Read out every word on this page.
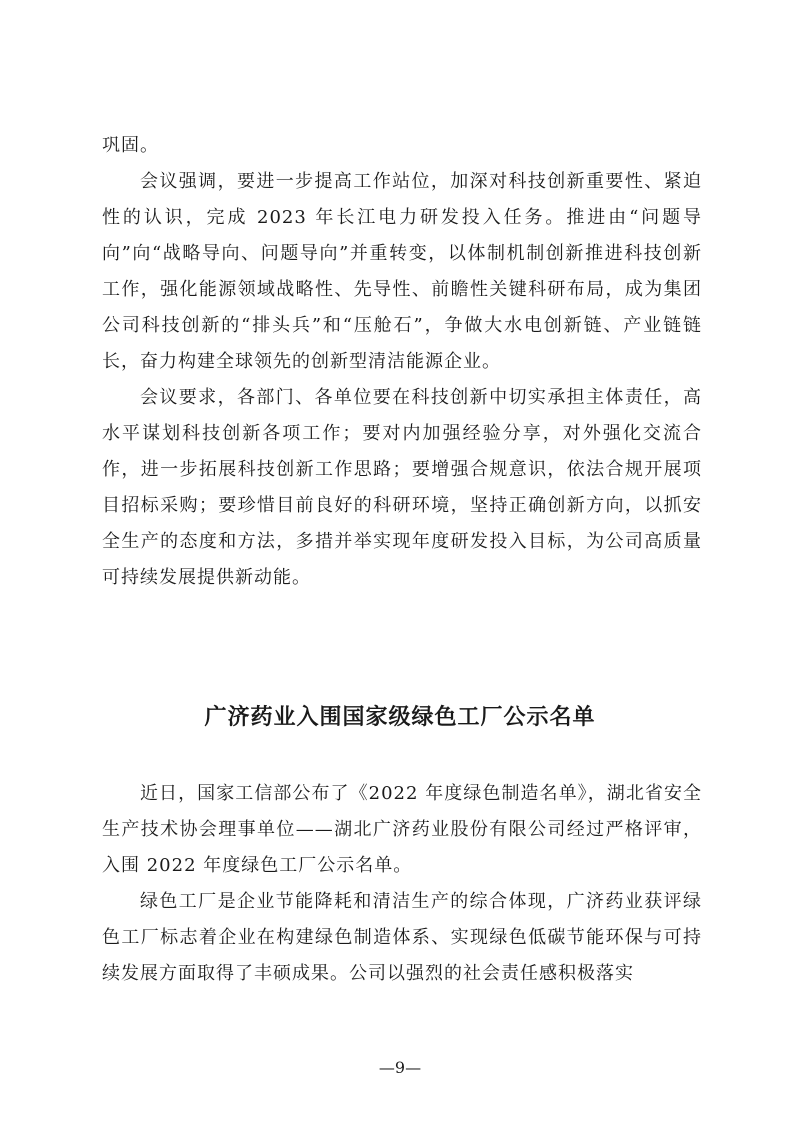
巩固。

会议强调，要进一步提高工作站位，加深对科技创新重要性、紧迫性的认识，完成 2023 年长江电力研发投入任务。推进由“问题导向”向“战略导向、问题导向”并重转变，以体制机制创新推进科技创新工作，强化能源领域战略性、先导性、前瞻性关键科研布局，成为集团公司科技创新的“排头兵”和“压舱石”，争做大水电创新链、产业链链长，奋力构建全球领先的创新型清洁能源企业。

会议要求，各部门、各单位要在科技创新中切实承担主体责任，高水平谋划科技创新各项工作；要对内加强经验分享，对外强化交流合作，进一步拓展科技创新工作思路；要增强合规意识，依法合规开展项目招标采购；要珍惜目前良好的科研环境，坚持正确创新方向，以抓安全生产的态度和方法，多措并举实现年度研发投入目标，为公司高质量可持续发展提供新动能。

广济药业入围国家级绿色工厂公示名单

近日，国家工信部公布了《2022 年度绿色制造名单》，湖北省安全生产技术协会理事单位——湖北广济药业股份有限公司经过严格评审，入围 2022 年度绿色工厂公示名单。

绿色工厂是企业节能降耗和清洁生产的综合体现，广济药业获评绿色工厂标志着企业在构建绿色制造体系、实现绿色低碳节能环保与可持续发展方面取得了丰硕成果。公司以强烈的社会责任感积极落实

—9—
